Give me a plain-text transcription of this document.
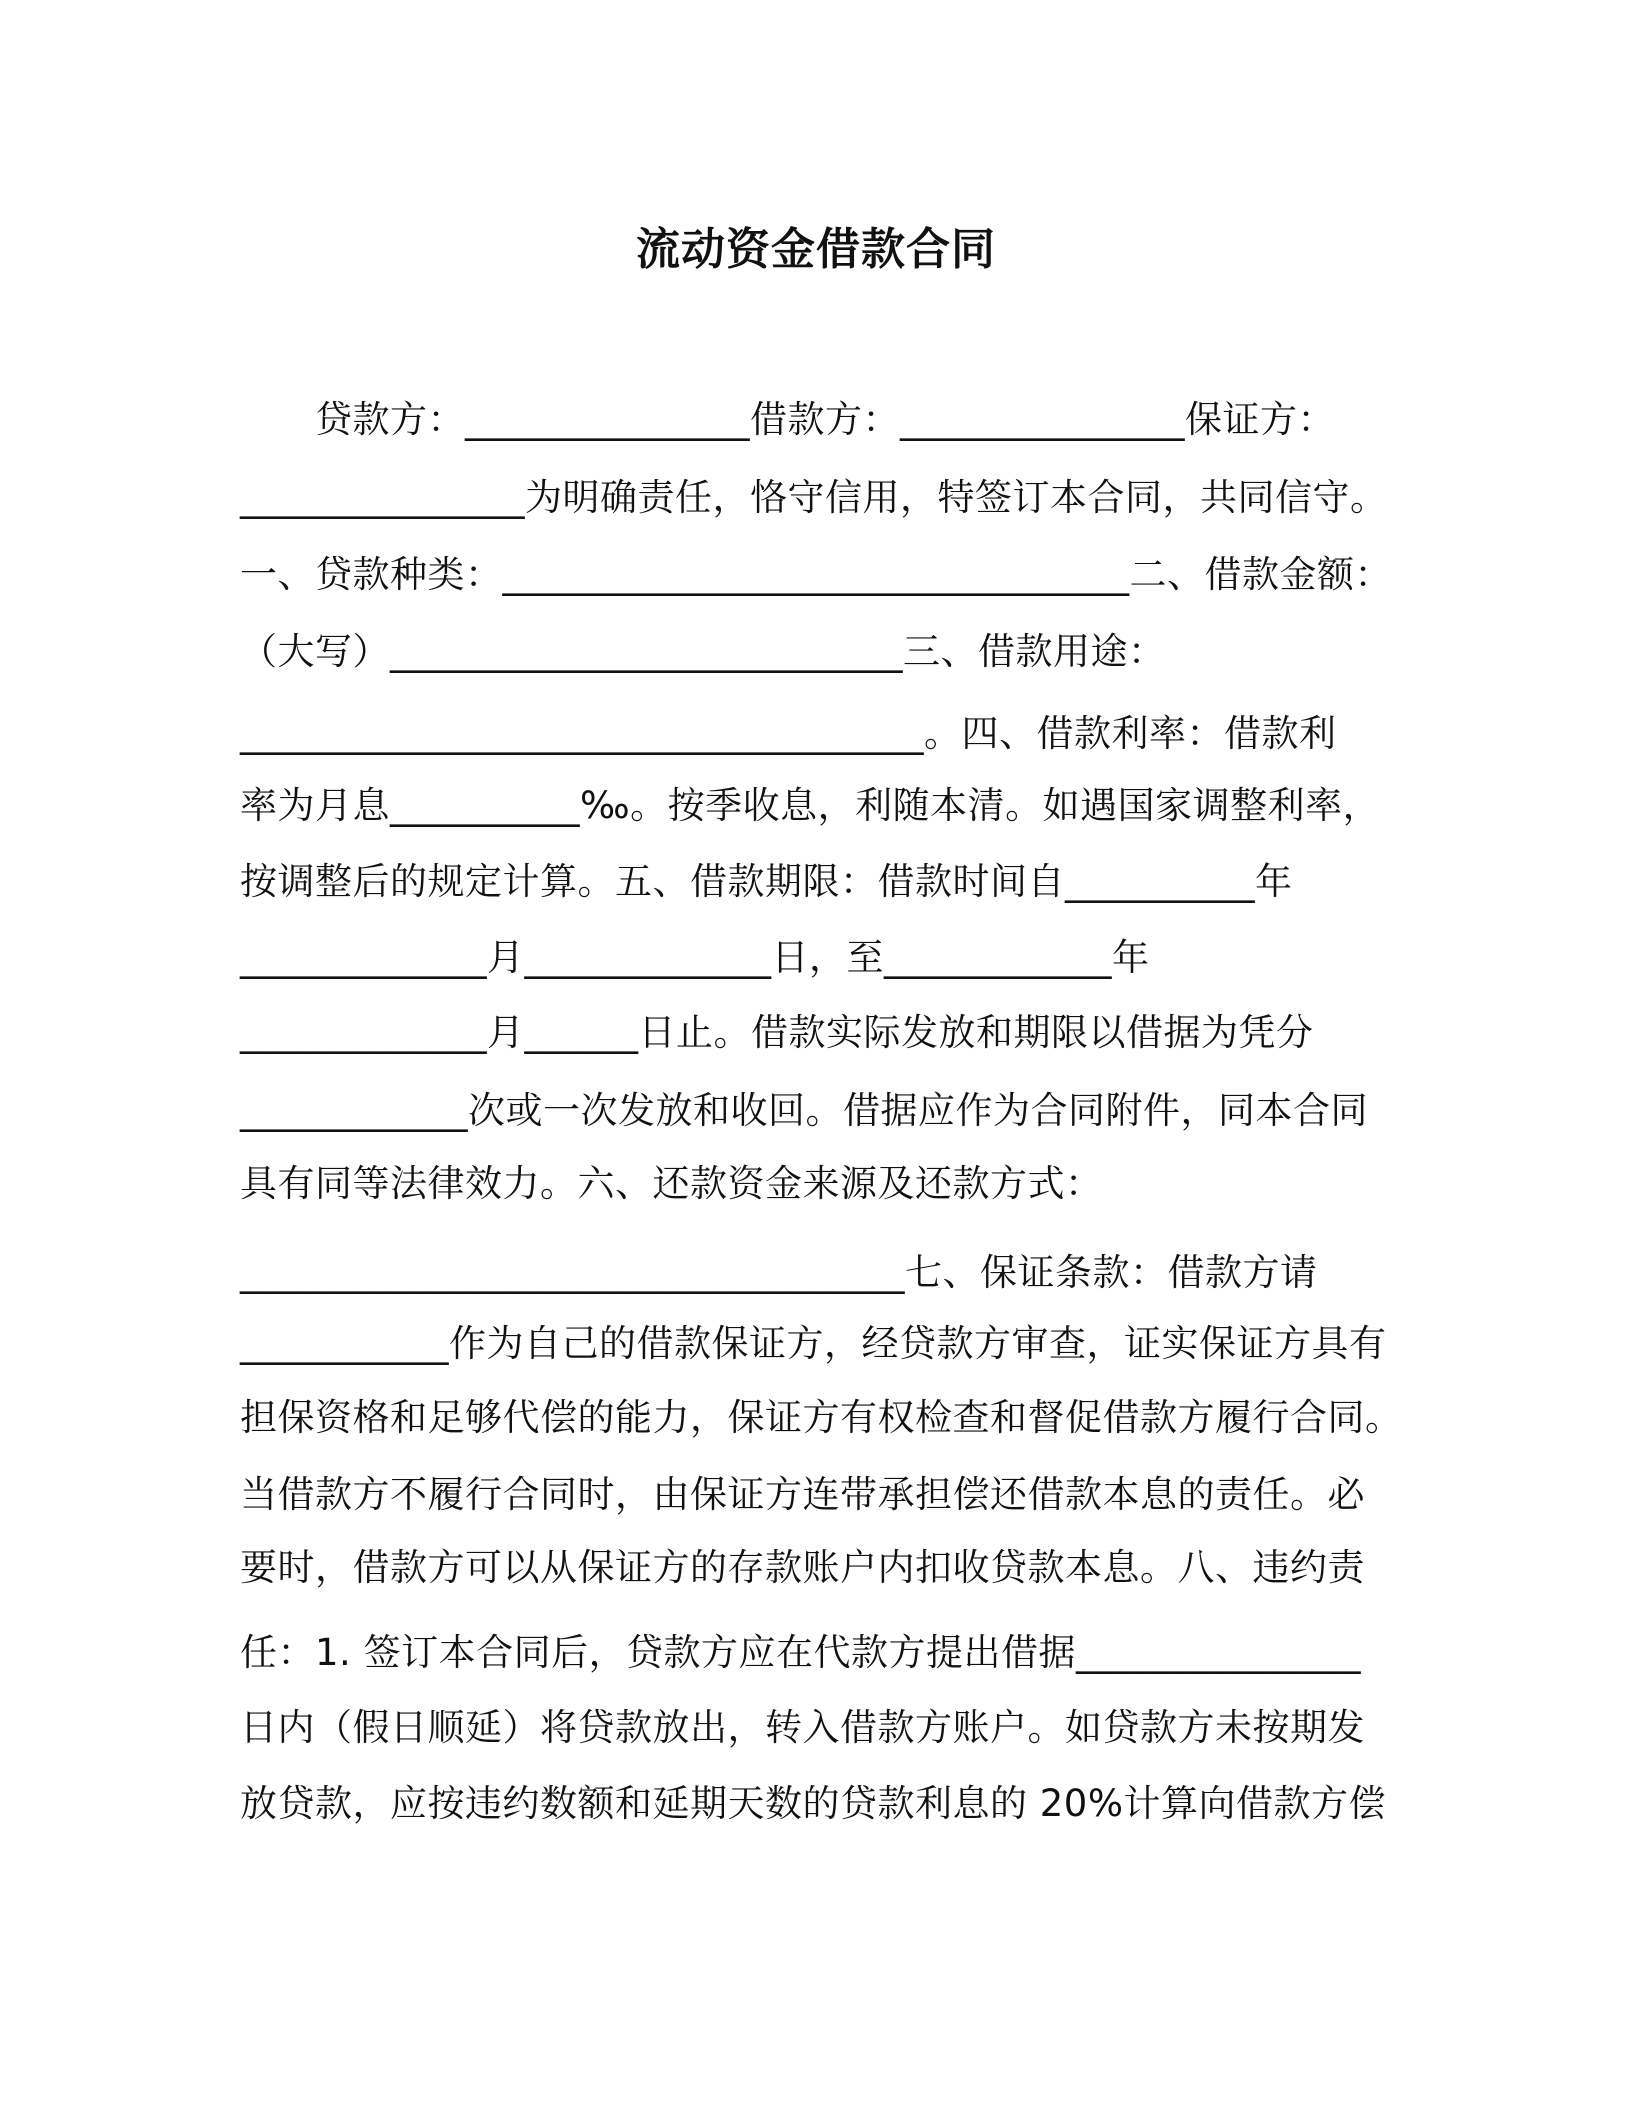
流动资金借款合同
　　贷款方：_______________借款方：_______________保证方：
_______________为明确责任，恪守信用，特签订本合同，共同信守。
一、贷款种类：_________________________________二、借款金额：
（大写）___________________________三、借款用途：
____________________________________。四、借款利率：借款利
率为月息__________‰。按季收息，利随本清。如遇国家调整利率，
按调整后的规定计算。五、借款期限：借款时间自__________年
_____________月_____________日，至____________年
_____________月______日止。借款实际发放和期限以借据为凭分
____________次或一次发放和收回。借据应作为合同附件，同本合同
具有同等法律效力。六、还款资金来源及还款方式：
___________________________________七、保证条款：借款方请
___________作为自己的借款保证方，经贷款方审查，证实保证方具有
担保资格和足够代偿的能力，保证方有权检查和督促借款方履行合同。
当借款方不履行合同时，由保证方连带承担偿还借款本息的责任。必
要时，借款方可以从保证方的存款账户内扣收贷款本息。八、违约责
任：1. 签订本合同后，贷款方应在代款方提出借据_______________
日内（假日顺延）将贷款放出，转入借款方账户。如贷款方未按期发
放贷款，应按违约数额和延期天数的贷款利息的 20%计算向借款方偿
